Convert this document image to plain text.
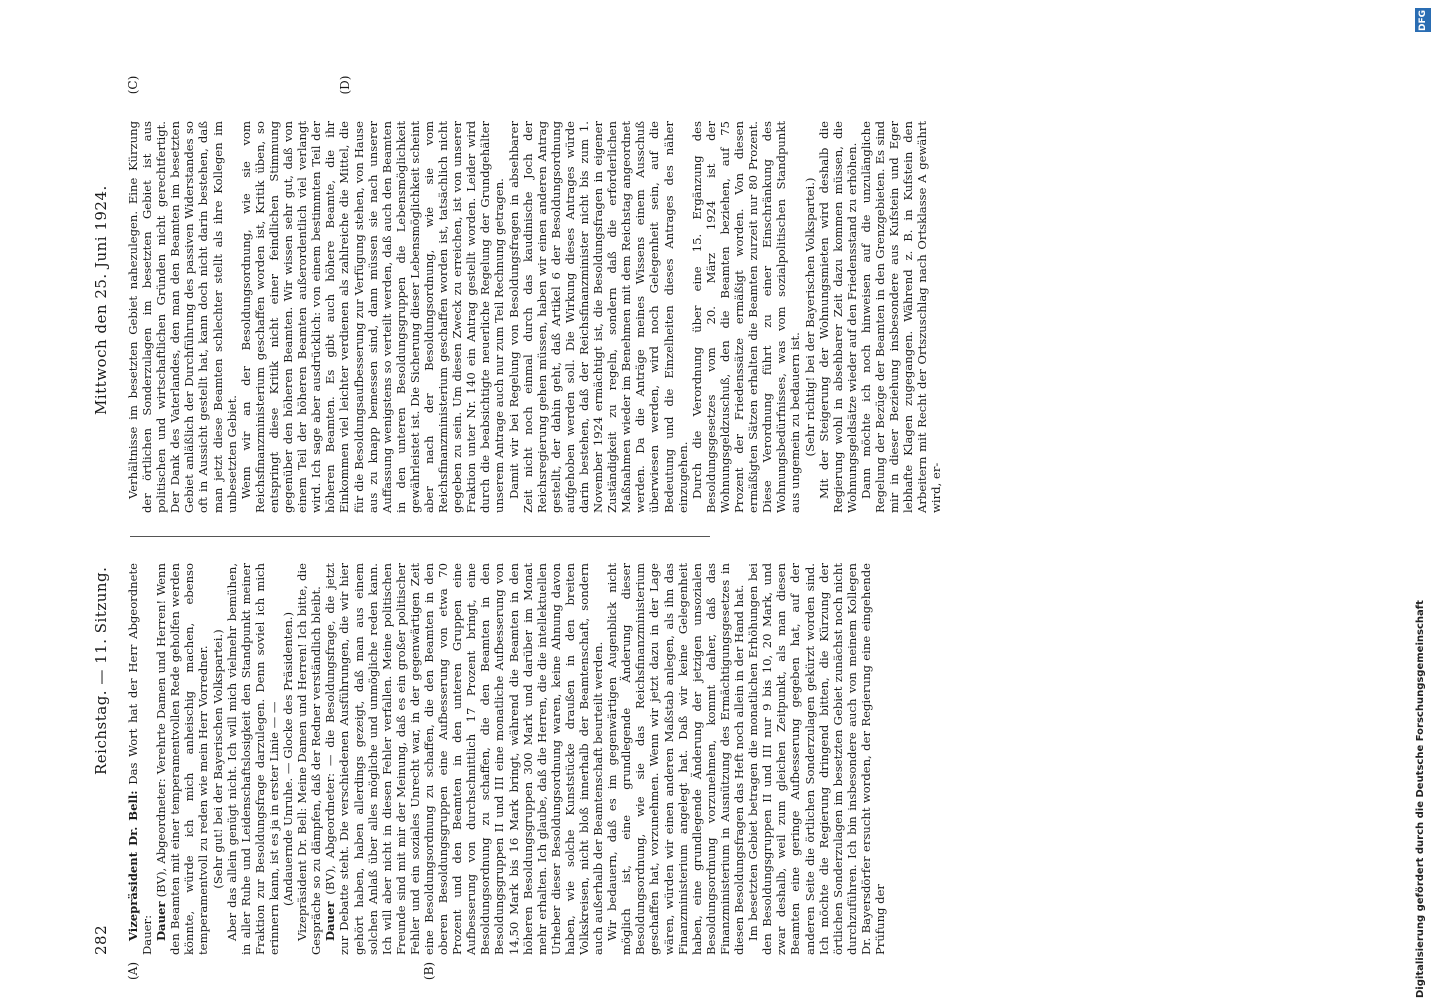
282
Reichstag. — 11. Sitzung.
Mittwoch den 25. Juni 1924.
(A)	(B)
(C)	(D)

Vizepräsident Dr. Bell: Das Wort hat der Herr Abgeordnete Dauer: Dauer (BV), Abgeordneter: Verehrte Damen und Herren! Wenn den Beamten mit einer temperamentvollen Rede geholfen werden könnte, würde ich mich anheischig machen, ebenso temperamentvoll zu reden wie mein Herr Vorredner. (Sehr gut! bei der Bayerischen Volkspartei.) Aber das allein genügt nicht. Ich will mich vielmehr bemühen, in aller Ruhe und Leidenschaftslosigkeit den Standpunkt meiner Fraktion zur Besoldungsfrage darzulegen. Denn soviel ich mich erinnern kann, ist es ja in erster Linie — — (Andauernde Unruhe. — Glocke des Präsidenten.) Vizepräsident Dr. Bell: Meine Damen und Herren! Ich bitte, die Gespräche so zu dämpfen, daß der Redner verständlich bleibt. Dauer (BV), Abgeordneter: — die Besoldungsfrage, die jetzt zur Debatte steht. Die verschiedenen Ausführungen, die wir hier gehört haben, haben allerdings gezeigt, daß man aus einem solchen Anlaß über alles mögliche und unmögliche reden kann. Ich will aber nicht in diesen Fehler verfallen. Meine politischen Freunde sind mit mir der Meinung, daß es ein großer politischer Fehler und ein soziales Unrecht war, in der gegenwärtigen Zeit eine Besoldungsordnung zu schaffen, die den Beamten in den oberen Besoldungsgruppen eine Aufbesserung von etwa 70 Prozent und den Beamten in den unteren Gruppen eine Aufbesserung von durchschnittlich 17 Prozent bringt, eine Besoldungsordnung zu schaffen, die den Beamten in den Besoldungsgruppen II und III eine monatliche Aufbesserung von 14,50 Mark bis 16 Mark bringt, während die Beamten in den höheren Besoldungsgruppen 300 Mark und darüber im Monat mehr erhalten. Ich glaube, daß die Herren, die die intellektuellen Urheber dieser Besoldungsordnung waren, keine Ahnung davon haben, wie solche Kunststücke draußen in den breiten Volkskreisen, nicht bloß innerhalb der Beamtenschaft, sondern auch außerhalb der Beamtenschaft beurteilt werden. Wir bedauern, daß es im gegenwärtigen Augenblick nicht möglich ist, eine grundlegende Änderung dieser Besoldungsordnung, wie sie das Reichsfinanzministerium geschaffen hat, vorzunehmen. Wenn wir jetzt dazu in der Lage wären, würden wir einen anderen Maßstab anlegen, als ihn das Finanzministerium angelegt hat. Daß wir keine Gelegenheit haben, eine grundlegende Änderung der jetzigen unsozialen Besoldungsordnung vorzunehmen, kommt daher, daß das Finanzministerium in Ausnützung des Ermächtigungsgesetzes in diesen Besoldungsfragen das Heft noch allein in der Hand hat. Im besetzten Gebiet betragen die monatlichen Erhöhungen bei den Besoldungsgruppen II und III nur 9 bis 10, 20 Mark, und zwar deshalb, weil zum gleichen Zeitpunkt, als man diesen Beamten eine geringe Aufbesserung gegeben hat, auf der anderen Seite die örtlichen Sonderzulagen gekürzt worden sind. Ich möchte die Regierung dringend bitten, die Kürzung der örtlichen Sonderzulagen im besetzten Gebiet zunächst noch nicht durchzuführen. Ich bin insbesondere auch von meinem Kollegen Dr. Bayersdörfer ersucht worden, der Regierung eine eingehende Prüfung der

Verhältnisse im besetzten Gebiet nahezulegen. Eine Kürzung der örtlichen Sonderzulagen im besetzten Gebiet ist aus politischen und wirtschaftlichen Gründen nicht gerechtfertigt. Der Dank des Vaterlandes, den man den Beamten im besetzten Gebiet anläßlich der Durchführung des passiven Widerstandes so oft in Aussicht gestellt hat, kann doch nicht darin bestehen, daß man jetzt diese Beamten schlechter stellt als ihre Kollegen im unbesetzten Gebiet. Wenn wir an der Besoldungsordnung, wie sie vom Reichsfinanzministerium geschaffen worden ist, Kritik üben, so entspringt diese Kritik nicht einer feindlichen Stimmung gegenüber den höheren Beamten. Wir wissen sehr gut, daß von einem Teil der höheren Beamten außerordentlich viel verlangt wird. Ich sage aber ausdrücklich: von einem bestimmten Teil der höheren Beamten. Es gibt auch höhere Beamte, die ihr Einkommen viel leichter verdienen als zahlreiche die Mittel, die für die Besoldungsaufbesserung zur Verfügung stehen, von Hause aus zu knapp bemessen sind, dann müssen sie nach unserer Auffassung wenigstens so verteilt werden, daß auch den Beamten in den unteren Besoldungsgruppen die Lebensmöglichkeit gewährleistet ist. Die Sicherung dieser Lebensmöglichkeit scheint aber nach der Besoldungsordnung, wie sie vom Reichsfinanzministerium geschaffen worden ist, tatsächlich nicht gegeben zu sein. Um diesen Zweck zu erreichen, ist von unserer Fraktion unter Nr. 140 ein Antrag gestellt worden. Leider wird durch die beabsichtigte neuerliche Regelung der Grundgehälter unserem Antrage auch nur zum Teil Rechnung getragen. Damit wir bei Regelung von Besoldungsfragen in absehbarer Zeit nicht noch einmal durch das kaudinische Joch der Reichsregierung gehen müssen, haben wir einen anderen Antrag gestellt, der dahin geht, daß Artikel 6 der Besoldungsordnung aufgehoben werden soll. Die Wirkung dieses Antrages würde darin bestehen, daß der Reichsfinanzminister nicht bis zum 1. November 1924 ermächtigt ist, die Besoldungsfragen in eigener Zuständigkeit zu regeln, sondern daß die erforderlichen Maßnahmen wieder im Benehmen mit dem Reichstag angeordnet werden. Da die Anträge meines Wissens einem Ausschuß überwiesen werden, wird noch Gelegenheit sein, auf die Bedeutung und die Einzelheiten dieses Antrages des näher einzugehen. Durch die Verordnung über eine 15. Ergänzung des Besoldungsgesetzes vom 20. März 1924 ist der Wohnungsgeldzuschuß, den die Beamten beziehen, auf 75 Prozent der Friedenssätze ermäßigt worden. Von diesen ermäßigten Sätzen erhalten die Beamten zurzeit nur 80 Prozent. Diese Verordnung führt zu einer Einschränkung des Wohnungsbedürfnisses, was vom sozialpolitischen Standpunkt aus ungemein zu bedauern ist. (Sehr richtig! bei der Bayerischen Volkspartei.) Mit der Steigerung der Wohnungsmieten wird deshalb die Regierung wohl in absehbarer Zeit dazu kommen müssen, die Wohnungsgeldsätze wieder auf den Friedensstand zu erhöhen. Dann möchte ich noch hinweisen auf die unzulängliche Regelung der Bezüge der Beamten in den Grenzgebieten. Es sind mir in dieser Beziehung insbesondere aus Kufstein und Eger lebhafte Klagen zugegangen. Während z. B. in Kufstein den Arbeitern mit Recht der Ortszuschlag nach Ortsklasse A gewährt wird, er-

DFG
Digitalisierung gefördert durch die Deutsche Forschungsgemeinschaft
